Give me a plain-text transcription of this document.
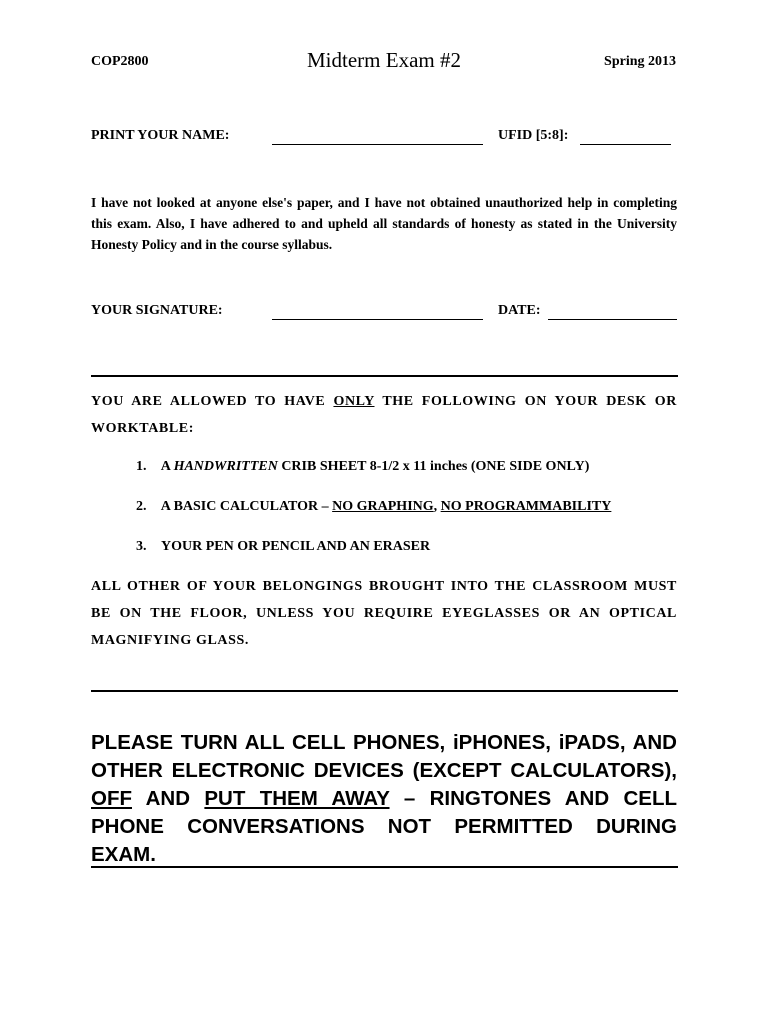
COP2800	Midterm Exam #2	Spring 2013
PRINT YOUR NAME:	UFID [5:8]:
I have not looked at anyone else's paper, and I have not obtained unauthorized help in completing this exam. Also, I have adhered to and upheld all standards of honesty as stated in the University Honesty Policy and in the course syllabus.
YOUR SIGNATURE:	DATE:
YOU ARE ALLOWED TO HAVE ONLY THE FOLLOWING ON YOUR DESK OR WORKTABLE:
1. A HANDWRITTEN CRIB SHEET 8-1/2 x 11 inches (ONE SIDE ONLY)
2. A BASIC CALCULATOR – NO GRAPHING, NO PROGRAMMABILITY
3. YOUR PEN OR PENCIL AND AN ERASER
ALL OTHER OF YOUR BELONGINGS BROUGHT INTO THE CLASSROOM MUST BE ON THE FLOOR, UNLESS YOU REQUIRE EYEGLASSES OR AN OPTICAL MAGNIFYING GLASS.
PLEASE TURN ALL CELL PHONES, iPHONES, iPADS, AND
OTHER ELECTRONIC DEVICES (EXCEPT CALCULATORS),
OFF AND PUT THEM AWAY – RINGTONES AND CELL
PHONE CONVERSATIONS NOT PERMITTED DURING EXAM.
